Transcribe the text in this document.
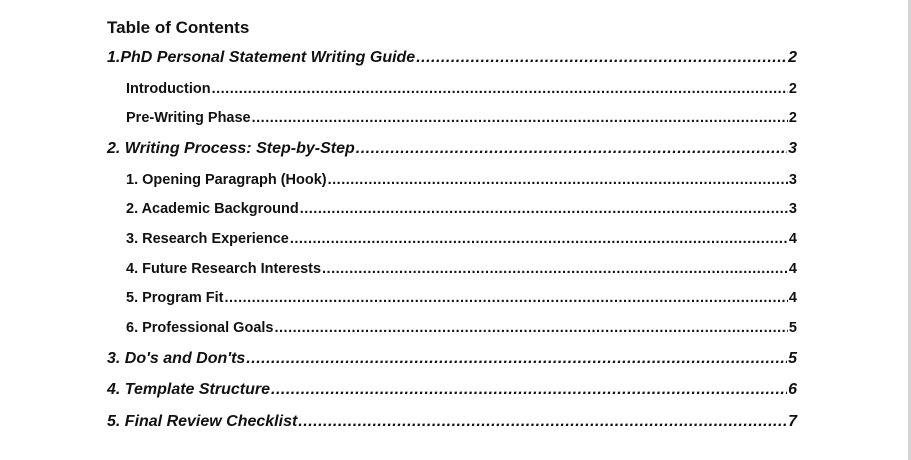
Table of Contents
1.PhD Personal Statement Writing Guide .....	2
Introduction .....	2
Pre-Writing Phase .....	2
2. Writing Process: Step-by-Step .....	3
1. Opening Paragraph (Hook) .....	3
2. Academic Background .....	3
3. Research Experience .....	4
4. Future Research Interests .....	4
5. Program Fit .....	4
6. Professional Goals .....	5
3. Do's and Don'ts .....	5
4. Template Structure .....	6
5. Final Review Checklist .....	7
